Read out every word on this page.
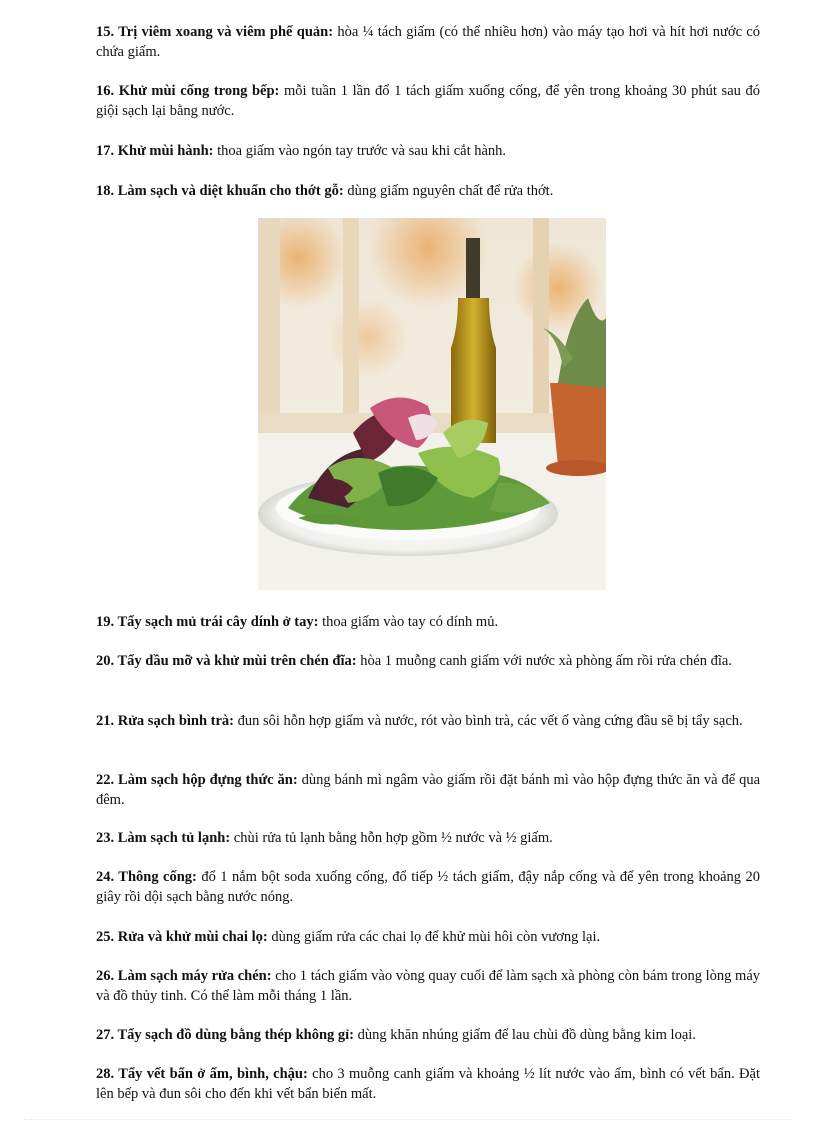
15. Trị viêm xoang và viêm phế quản: hòa ¼ tách giấm (có thể nhiều hơn) vào máy tạo hơi và hít hơi nước có chứa giấm.

16. Khử mùi cống trong bếp: mỗi tuần 1 lần đổ 1 tách giấm xuống cống, để yên trong khoảng 30 phút sau đó giội sạch lại bằng nước.

17. Khử mùi hành: thoa giấm vào ngón tay trước và sau khi cắt hành.

18. Làm sạch và diệt khuẩn cho thớt gỗ: dùng giấm nguyên chất để rửa thớt.

19. Tẩy sạch mủ trái cây dính ở tay: thoa giấm vào tay có dính mủ.

20. Tẩy dầu mỡ và khử mùi trên chén đĩa: hòa 1 muỗng canh giấm với nước xà phòng ấm rồi rửa chén đĩa.

21. Rửa sạch bình trà: đun sôi hỗn hợp giấm và nước, rót vào bình trà, các vết ố vàng cứng đầu sẽ bị tẩy sạch.

22. Làm sạch hộp đựng thức ăn: dùng bánh mì ngâm vào giấm rồi đặt bánh mì vào hộp đựng thức ăn và để qua đêm.

23. Làm sạch tủ lạnh: chùi rửa tủ lạnh bằng hỗn hợp gồm ½ nước và ½ giấm.

24. Thông cống: đổ 1 nắm bột soda xuống cống, đổ tiếp ½ tách giấm, đậy nắp cống và để yên trong khoảng 20 giây rồi dội sạch bằng nước nóng.

25. Rửa và khử mùi chai lọ: dùng giấm rửa các chai lọ để khử mùi hôi còn vương lại.

26. Làm sạch máy rửa chén: cho 1 tách giấm vào vòng quay cuối để làm sạch xà phòng còn bám trong lòng máy và đồ thủy tinh. Có thể làm mỗi tháng 1 lần.

27. Tẩy sạch đồ dùng bằng thép không gỉ: dùng khăn nhúng giấm để lau chùi đồ dùng bằng kim loại.

28. Tẩy vết bẩn ở ấm, bình, chậu: cho 3 muỗng canh giấm và khoảng ½ lít nước vào ấm, bình có vết bẩn. Đặt lên bếp và đun sôi cho đến khi vết bẩn biến mất.
